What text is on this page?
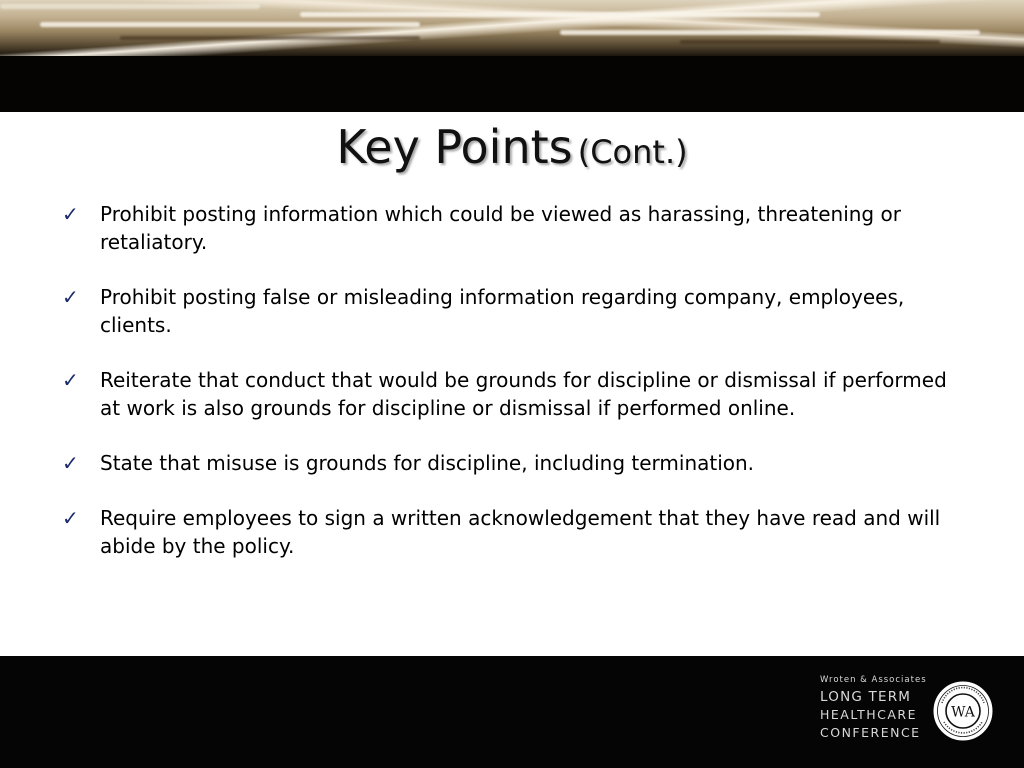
Key Points (Cont.)
✓ Prohibit posting information which could be viewed as harassing, threatening or retaliatory.
✓ Prohibit posting false or misleading information regarding company, employees, clients.
✓ Reiterate that conduct that would be grounds for discipline or dismissal if performed at work is also grounds for discipline or dismissal if performed online.
✓ State that misuse is grounds for discipline, including termination.
✓ Require employees to sign a written acknowledgement that they have read and will abide by the policy.
Wroten & Associates
LONG TERM
HEALTHCARE
CONFERENCE
WA
